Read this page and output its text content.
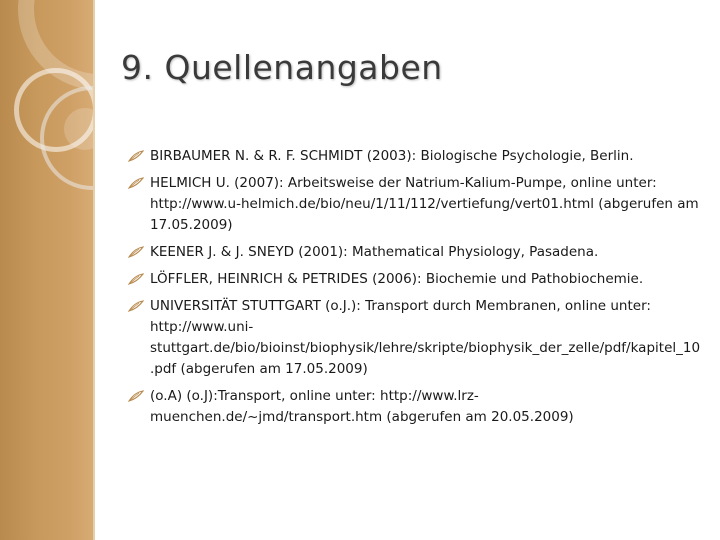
9. Quellenangaben
BIRBAUMER N. & R. F. SCHMIDT (2003): Biologische Psychologie, Berlin.
HELMICH U. (2007): Arbeitsweise der Natrium-Kalium-Pumpe, online unter: http://www.u-helmich.de/bio/neu/1/11/112/vertiefung/vert01.html (abgerufen am 17.05.2009)
KEENER J. & J. SNEYD (2001): Mathematical Physiology, Pasadena.
LÖFFLER, HEINRICH & PETRIDES (2006): Biochemie und Pathobiochemie.
UNIVERSITÄT STUTTGART (o.J.): Transport durch Membranen, online unter: http://www.uni-stuttgart.de/bio/bioinst/biophysik/lehre/skripte/biophysik_der_zelle/pdf/kapitel_10.pdf (abgerufen am 17.05.2009)
(o.A) (o.J):Transport, online unter: http://www.lrz-muenchen.de/~jmd/transport.htm (abgerufen am 20.05.2009)
